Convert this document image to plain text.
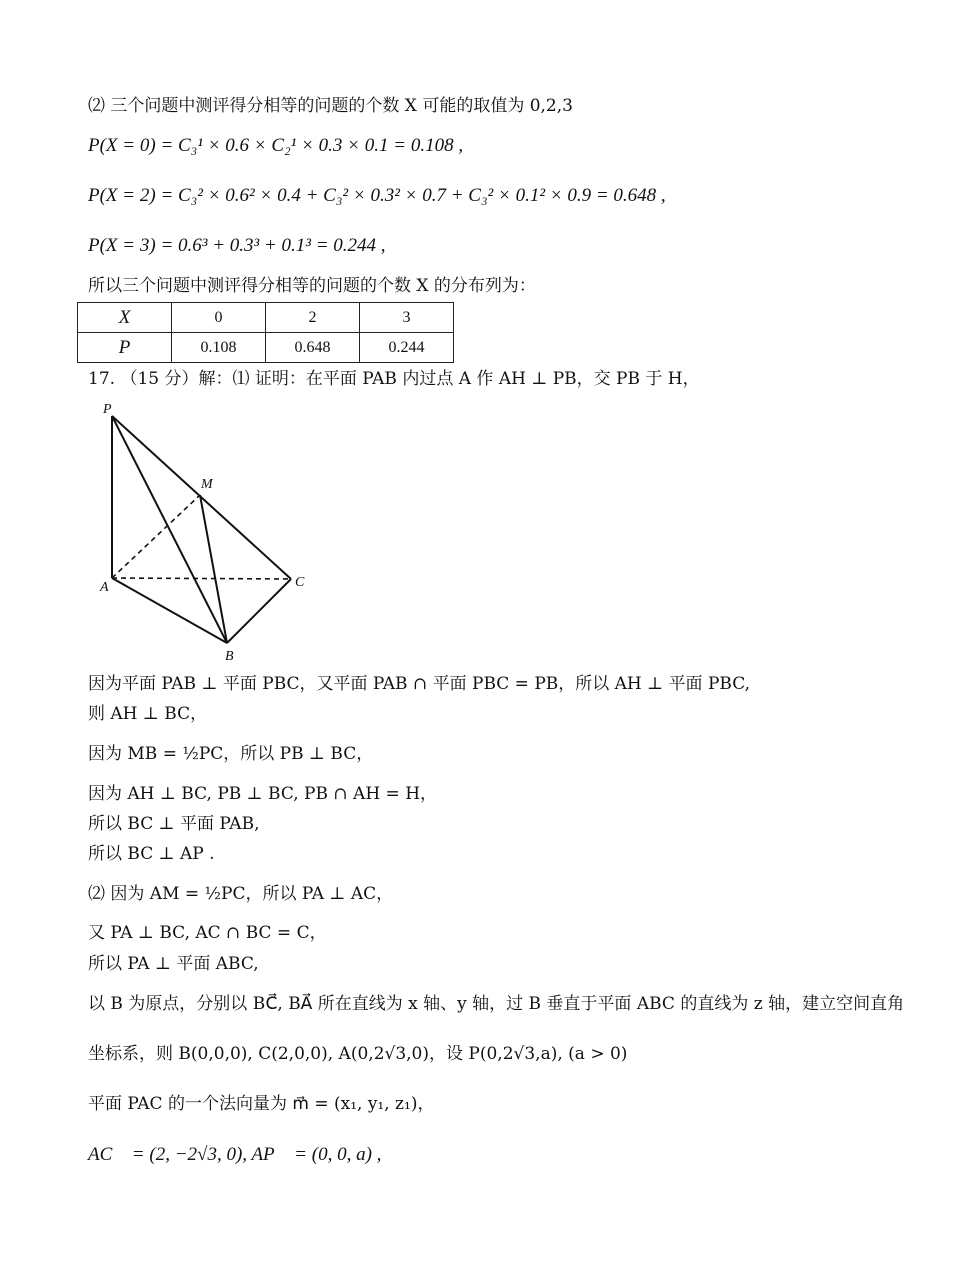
⑵ 三个问题中测评得分相等的问题的个数 X 可能的取值为 0,2,3
P(X = 0) = C₃¹ × 0.6 × C₂¹ × 0.3 × 0.1 = 0.108 ,
P(X = 2) = C₃² × 0.6² × 0.4 + C₃² × 0.3² × 0.7 + C₃² × 0.1² × 0.9 = 0.648 ,
P(X = 3) = 0.6³ + 0.3³ + 0.1³ = 0.244 ,
所以三个问题中测评得分相等的问题的个数 X 的分布列为：
X	0	2	3
P	0.108	0.648	0.244
17. （15 分）解：⑴ 证明：在平面 PAB 内过点 A 作 AH ⊥ PB，交 PB 于 H，
P
M
A	C
B
因为平面 PAB ⊥ 平面 PBC，又平面 PAB ∩ 平面 PBC = PB，所以 AH ⊥ 平面 PBC,
则 AH ⊥ BC，
因为 MB = ½PC，所以 PB ⊥ BC，
因为 AH ⊥ BC, PB ⊥ BC, PB ∩ AH = H，
所以 BC ⊥ 平面 PAB,
所以 BC ⊥ AP .
⑵ 因为 AM = ½PC，所以 PA ⊥ AC，
又 PA ⊥ BC, AC ∩ BC = C，
所以 PA ⊥ 平面 ABC,
以 B 为原点，分别以 BC⃗, BA⃗ 所在直线为 x 轴、y 轴，过 B 垂直于平面 ABC 的直线为 z 轴，建立空间直角
坐标系，则 B(0,0,0), C(2,0,0), A(0,2√3,0)，设 P(0,2√3,a), (a > 0)
平面 PAC 的一个法向量为 m⃗ = (x₁, y₁, z₁)，
AC⃗ = (2, −2√3, 0), AP⃗ = (0, 0, a) ,
